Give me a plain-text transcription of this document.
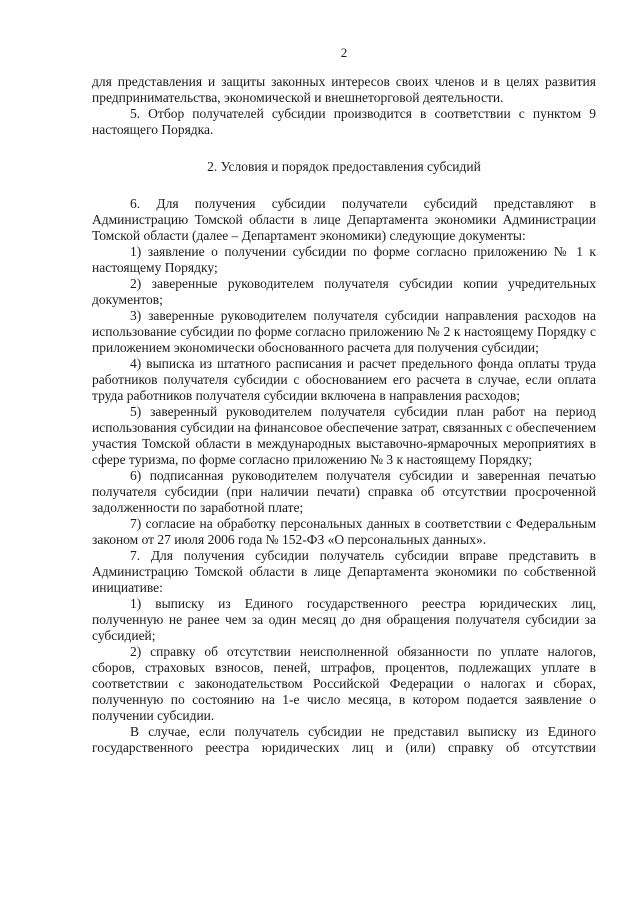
2

для представления и защиты законных интересов своих членов и в целях развития предпринимательства, экономической и внешнеторговой деятельности.

5. Отбор получателей субсидии производится в соответствии с пунктом 9 настоящего Порядка.

2. Условия и порядок предоставления субсидий

6. Для получения субсидии получатели субсидий представляют в Администрацию Томской области в лице Департамента экономики Администрации Томской области (далее – Департамент экономики) следующие документы:

1) заявление о получении субсидии по форме согласно приложению № 1 к настоящему Порядку;

2) заверенные руководителем получателя субсидии копии учредительных документов;

3) заверенные руководителем получателя субсидии направления расходов на использование субсидии по форме согласно приложению № 2 к настоящему Порядку с приложением экономически обоснованного расчета для получения субсидии;

4) выписка из штатного расписания и расчет предельного фонда оплаты труда работников получателя субсидии с обоснованием его расчета в случае, если оплата труда работников получателя субсидии включена в направления расходов;

5) заверенный руководителем получателя субсидии план работ на период использования субсидии на финансовое обеспечение затрат, связанных с обеспечением участия Томской области в международных выставочно-ярмарочных мероприятиях в сфере туризма, по форме согласно приложению № 3 к настоящему Порядку;

6) подписанная руководителем получателя субсидии и заверенная печатью получателя субсидии (при наличии печати) справка об отсутствии просроченной задолженности по заработной плате;

7) согласие на обработку персональных данных в соответствии с Федеральным законом от 27 июля 2006 года № 152-ФЗ «О персональных данных».

7. Для получения субсидии получатель субсидии вправе представить в Администрацию Томской области в лице Департамента экономики по собственной инициативе:

1) выписку из Единого государственного реестра юридических лиц, полученную не ранее чем за один месяц до дня обращения получателя субсидии за субсидией;

2) справку об отсутствии неисполненной обязанности по уплате налогов, сборов, страховых взносов, пеней, штрафов, процентов, подлежащих уплате в соответствии с законодательством Российской Федерации о налогах и сборах, полученную по состоянию на 1-е число месяца, в котором подается заявление о получении субсидии.

В случае, если получатель субсидии не представил выписку из Единого государственного реестра юридических лиц и (или) справку об отсутствии
